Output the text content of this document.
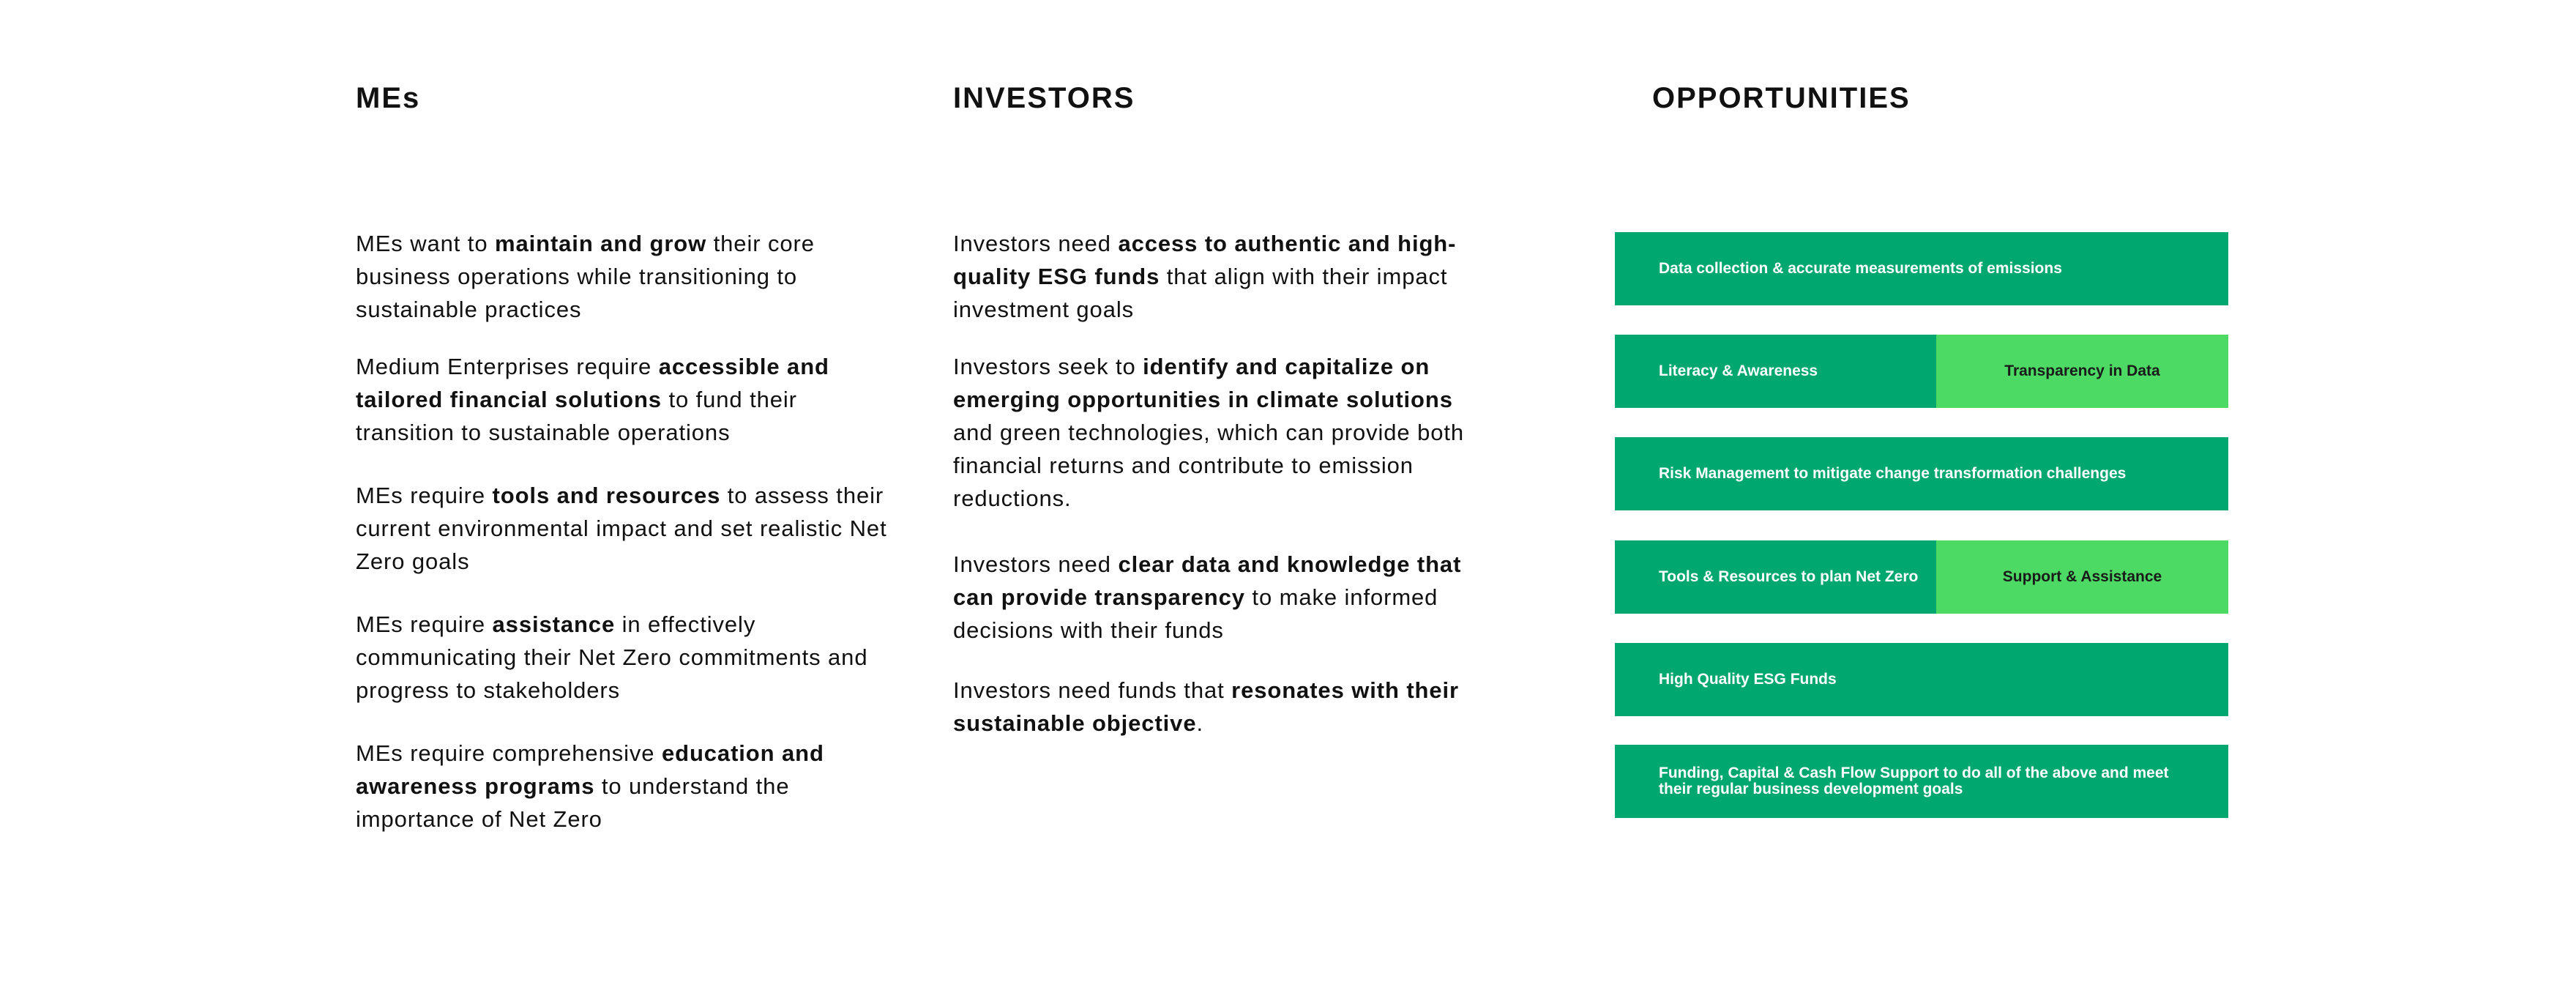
MEs

MEs want to maintain and grow their core business operations while transitioning to sustainable practices

Medium Enterprises require accessible and tailored financial solutions to fund their transition to sustainable operations

MEs require tools and resources to assess their current environmental impact and set realistic Net Zero goals

MEs require assistance in effectively communicating their Net Zero commitments and progress to stakeholders

MEs require comprehensive education and awareness programs to understand the importance of Net Zero

INVESTORS

Investors need access to authentic and high-quality ESG funds that align with their impact investment goals

Investors seek to identify and capitalize on emerging opportunities in climate solutions and green technologies, which can provide both financial returns and contribute to emission reductions.

Investors need clear data and knowledge that can provide transparency to make informed decisions with their funds

Investors need funds that resonates with their sustainable objective.

OPPORTUNITIES
Data collection & accurate measurements of emissions
Literacy & Awareness	Transparency in Data
Risk Management to mitigate change transformation challenges
Tools & Resources to plan Net Zero	Support & Assistance
High Quality ESG Funds
Funding, Capital & Cash Flow Support to do all of the above and meet their regular business development goals
